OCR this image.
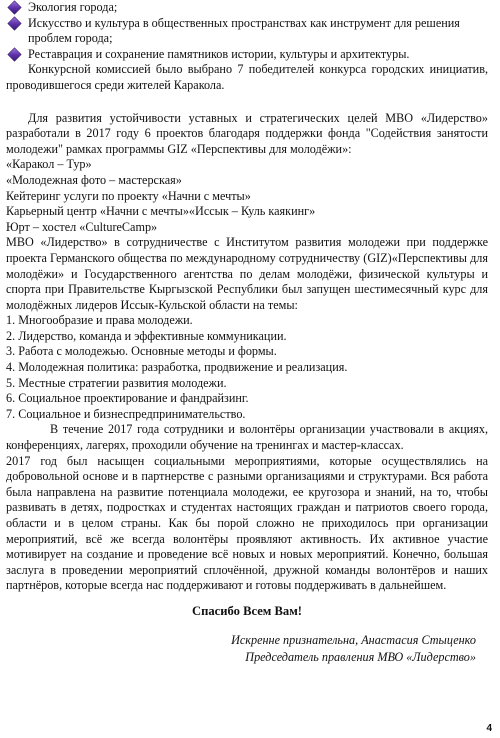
Экология города;
Искусство и культура в общественных пространствах как инструмент для решения проблем города;
Реставрация и сохранение памятников истории, культуры и архитектуры.

Конкурсной комиссией было выбрано 7 победителей конкурса городских инициатив, проводившегося среди жителей Каракола.

Для развития устойчивости уставных и стратегических целей МВО «Лидерство» разработали в 2017 году 6 проектов благодаря поддержки фонда "Содействия занятости молодежи" рамках программы GIZ «Перспективы для молодёжи»:

«Каракол – Тур»

«Молодежная фото – мастерская»

Кейтеринг услуги по проекту «Начни с мечты»

Карьерный центр «Начни с мечты»«Иссык – Куль каякинг»

Юрт – хостел «CultureCamp»

МВО «Лидерство» в сотрудничестве с Институтом развития молодежи при поддержке проекта Германского общества по международному сотрудничеству (GIZ)«Перспективы для молодёжи» и Государственного агентства по делам молодёжи, физической культуры и спорта при Правительстве Кыргызской Республики был запущен шестимесячный курс для молодёжных лидеров Иссык-Кульской области на темы:

1. Многообразие и права молодежи.

2. Лидерство, команда и эффективные коммуникации.

3. Работа с молодежью. Основные методы и формы.

4. Молодежная политика: разработка, продвижение и реализация.

5. Местные стратегии развития молодежи.

6. Социальное проектирование и фандрайзинг.

7. Социальное и бизнеспредпринимательство.

В течение 2017 года сотрудники и волонтёры организации участвовали в акциях, конференциях, лагерях, проходили обучение на тренингах и мастер-классах.

2017 год был насыщен социальными мероприятиями, которые осуществлялись на добровольной основе и в партнерстве с разными организациями и структурами. Вся работа была направлена на развитие потенциала молодежи, ее кругозора и знаний, на то, чтобы развивать в детях, подростках и студентах настоящих граждан и патриотов своего города, области и в целом страны. Как бы порой сложно не приходилось при организации мероприятий, всё же всегда волонтёры проявляют активность. Их активное участие мотивирует на создание и проведение всё новых и новых мероприятий. Конечно, большая заслуга в проведении мероприятий сплочённой, дружной команды волонтёров и наших партнёров, которые всегда нас поддерживают и готовы поддерживать в дальнейшем.

Спасибо Всем Вам!

Искренне признательна, Анастасия Стыценко
Председатель правления МВО «Лидерство»
4
